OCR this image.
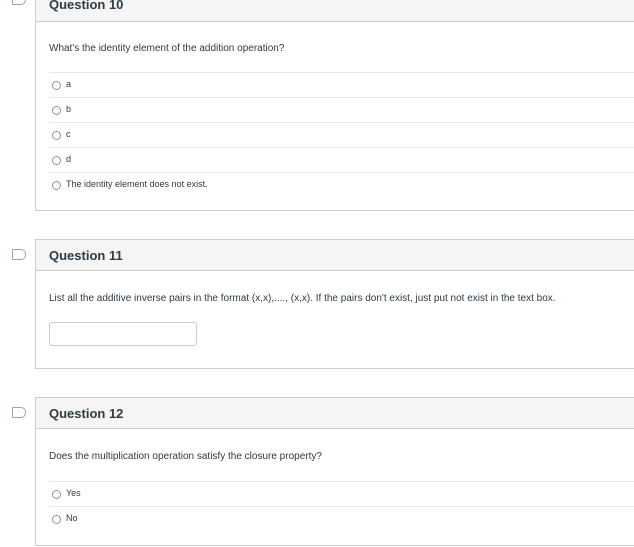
Question 10
What's the identity element of the addition operation?
a
b
c
d
The identity element does not exist.
Question 11
List all the additive inverse pairs in the format (x,x),...., (x,x). If the pairs don't exist, just put not exist in the text box.
Question 12
Does the multiplication operation satisfy the closure property?
Yes
No
